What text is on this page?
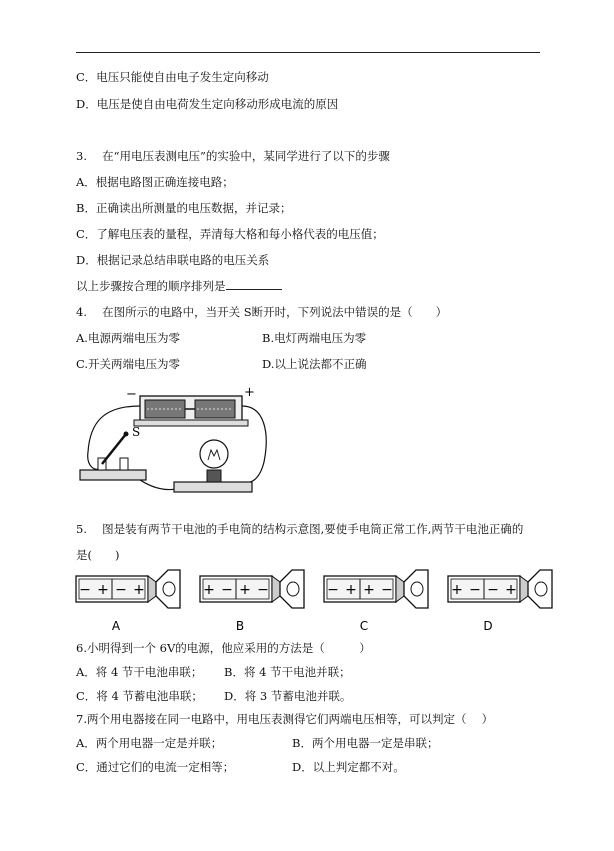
C．电压只能使自由电子发生定向移动
D．电压是使自由电荷发生定向移动形成电流的原因
3.　 在“用电压表测电压”的实验中，某同学进行了以下的步骤
A．根据电路图正确连接电路；
B．正确读出所测量的电压数据，并记录；
C．了解电压表的量程，弄清每大格和每小格代表的电压值；
D．根据记录总结串联电路的电压关系
以上步骤按合理的顺序排列是
4.　 在图所示的电路中，当开关 S断开时，下列说法中错误的是（　　）
A.电源两端电压为零	B.电灯两端电压为零
C.开关两端电压为零	D.以上说法都不正确
−	+
S
5.　 图是装有两节干电池的手电筒的结构示意图,要使手电筒正常工作,两节干电池正确的
是(　　)
− + − +
A
+ − + −
B
− + + −
C
+ − − +
D
6.小明得到一个 6V的电源，他应采用的方法是（　　　）
A．将 4 节干电池串联； B．将 4 节干电池并联；
C．将 4 节蓄电池串联； D．将 3 节蓄电池并联。
7.两个用电器接在同一电路中，用电压表测得它们两端电压相等，可以判定（　 ）
A．两个用电器一定是并联；	B．两个用电器一定是串联；
C．通过它们的电流一定相等；	D．以上判定都不对。
